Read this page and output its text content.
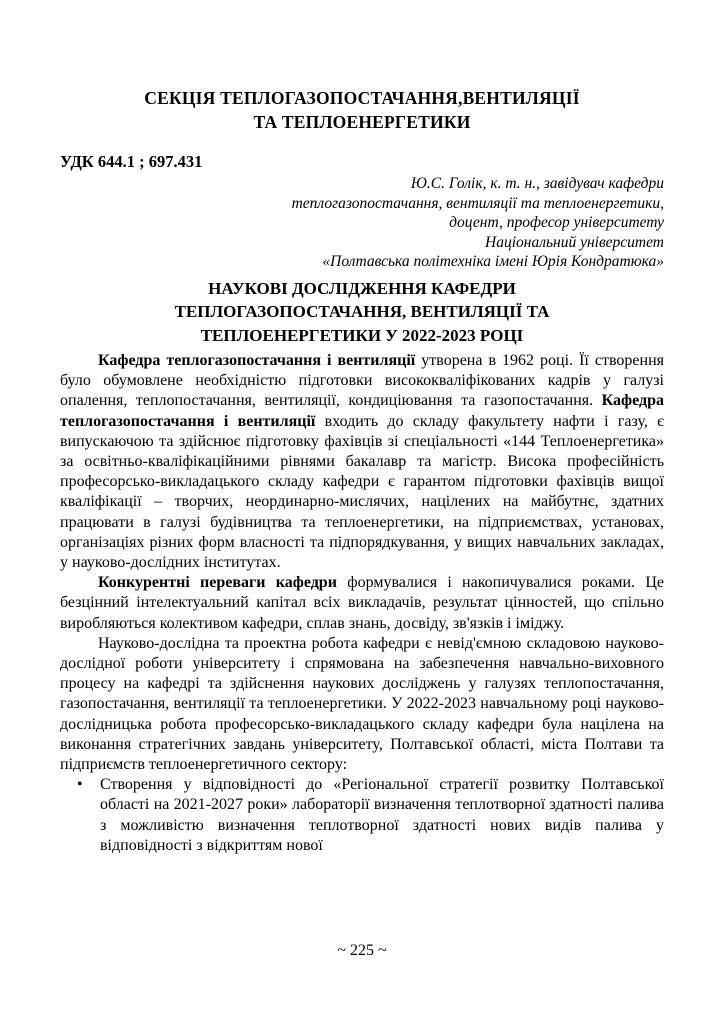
СЕКЦІЯ ТЕПЛОГАЗОПОСТАЧАННЯ,ВЕНТИЛЯЦІЇ
ТА ТЕПЛОЕНЕРГЕТИКИ
УДК 644.1 ; 697.431
Ю.С. Голік, к. т. н., завідувач кафедри
теплогазопостачання, вентиляції та теплоенергетики,
доцент, професор університету
Національний університет
«Полтавська політехніка імені Юрія Кондратюка»
НАУКОВІ ДОСЛІДЖЕННЯ КАФЕДРИ
ТЕПЛОГАЗОПОСТАЧАННЯ, ВЕНТИЛЯЦІЇ ТА
ТЕПЛОЕНЕРГЕТИКИ У 2022-2023 РОЦІ

Кафедра теплогазопостачання і вентиляції утворена в 1962 році. Її створення було обумовлене необхідністю підготовки висококваліфікованих кадрів у галузі опалення, теплопостачання, вентиляції, кондиціювання та газопостачання. Кафедра теплогазопостачання і вентиляції входить до складу факультету нафти і газу, є випускаючою та здійснює підготовку фахівців зі спеціальності «144 Теплоенергетика» за освітньо-кваліфікаційними рівнями бакалавр та магістр. Висока професійність професорсько-викладацького складу кафедри є гарантом підготовки фахівців вищої кваліфікації – творчих, неординарно-мислячих, націлених на майбутнє, здатних працювати в галузі будівництва та теплоенергетики, на підприємствах, установах, організаціях різних форм власності та підпорядкування, у вищих навчальних закладах, у науково-дослідних інститутах.

Конкурентні переваги кафедри формувалися і накопичувалися роками. Це безцінний інтелектуальний капітал всіх викладачів, результат цінностей, що спільно виробляються колективом кафедри, сплав знань, досвіду, зв'язків і іміджу.

Науково-дослідна та проектна робота кафедри є невід'ємною складовою науково-дослідної роботи університету і спрямована на забезпечення навчально-виховного процесу на кафедрі та здійснення наукових досліджень у галузях теплопостачання, газопостачання, вентиляції та теплоенергетики. У 2022-2023 навчальному році науково-дослідницька робота професорсько-викладацького складу кафедри була націлена на виконання стратегічних завдань університету, Полтавської області, міста Полтави та підприємств теплоенергетичного сектору:

• Створення у відповідності до «Регіональної стратегії розвитку Полтавської області на 2021-2027 роки» лабораторії визначення теплотворної здатності палива з можливістю визначення теплотворної здатності нових видів палива у відповідності з відкриттям нової
~ 225 ~
